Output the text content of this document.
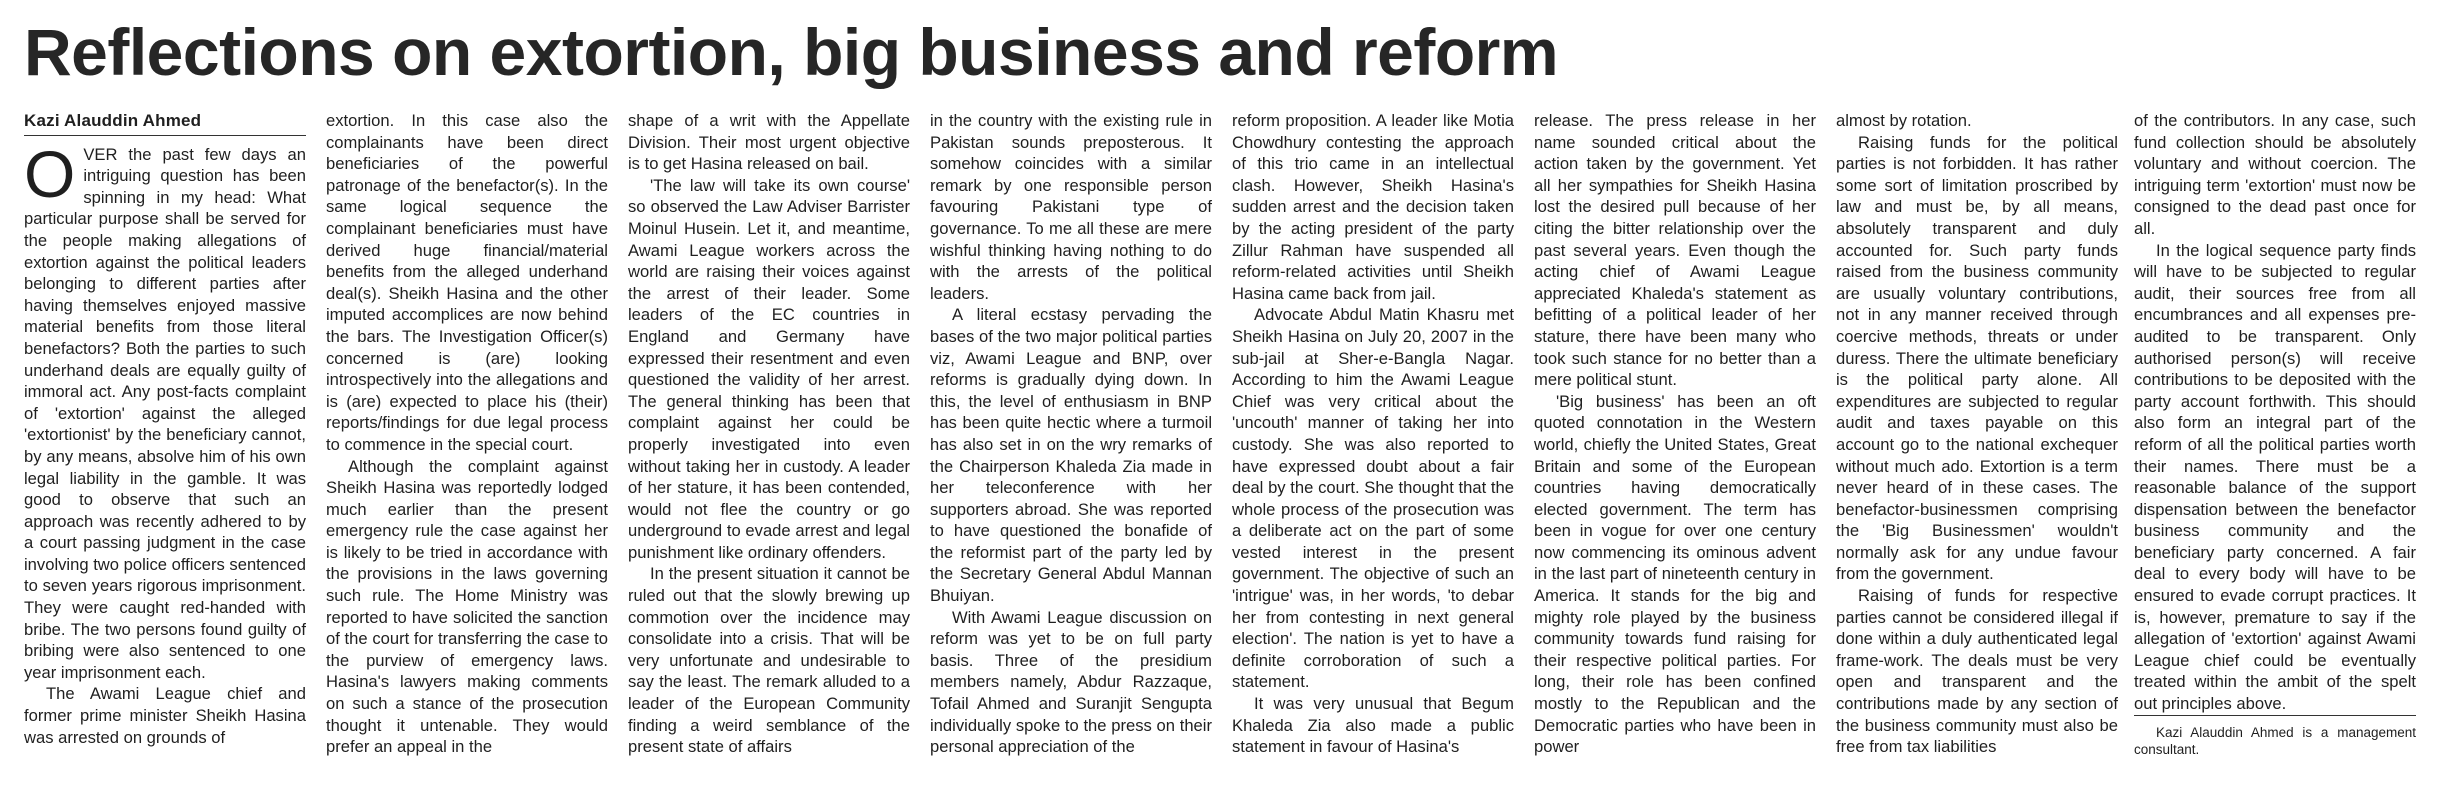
Reflections on extortion, big business and reform
Kazi Alauddin Ahmed

OVER the past few days an intriguing question has been spinning in my head: What particular purpose shall be served for the people making allegations of extortion against the political leaders belonging to different parties after having themselves enjoyed massive material benefits from those literal benefactors? Both the parties to such underhand deals are equally guilty of immoral act. Any post-facts complaint of 'extortion' against the alleged 'extortionist' by the beneficiary cannot, by any means, absolve him of his own legal liability in the gamble. It was good to observe that such an approach was recently adhered to by a court passing judgment in the case involving two police officers sentenced to seven years rigorous imprisonment. They were caught red-handed with bribe. The two persons found guilty of bribing were also sentenced to one year imprisonment each.

The Awami League chief and former prime minister Sheikh Hasina was arrested on grounds of

extortion. In this case also the complainants have been direct beneficiaries of the powerful patronage of the benefactor(s). In the same logical sequence the complainant beneficiaries must have derived huge financial/material benefits from the alleged underhand deal(s). Sheikh Hasina and the other imputed accomplices are now behind the bars. The Investigation Officer(s) concerned is (are) looking introspectively into the allegations and is (are) expected to place his (their) reports/findings for due legal process to commence in the special court.

Although the complaint against Sheikh Hasina was reportedly lodged much earlier than the present emergency rule the case against her is likely to be tried in accordance with the provisions in the laws governing such rule. The Home Ministry was reported to have solicited the sanction of the court for transferring the case to the purview of emergency laws. Hasina's lawyers making comments on such a stance of the prosecution thought it untenable. They would prefer an appeal in the

shape of a writ with the Appellate Division. Their most urgent objective is to get Hasina released on bail.

'The law will take its own course' so observed the Law Adviser Barrister Moinul Husein. Let it, and meantime, Awami League workers across the world are raising their voices against the arrest of their leader. Some leaders of the EC countries in England and Germany have expressed their resentment and even questioned the validity of her arrest. The general thinking has been that complaint against her could be properly investigated into even without taking her in custody. A leader of her stature, it has been contended, would not flee the country or go underground to evade arrest and legal punishment like ordinary offenders.

In the present situation it cannot be ruled out that the slowly brewing up commotion over the incidence may consolidate into a crisis. That will be very unfortunate and undesirable to say the least. The remark alluded to a leader of the European Community finding a weird semblance of the present state of affairs

in the country with the existing rule in Pakistan sounds preposterous. It somehow coincides with a similar remark by one responsible person favouring Pakistani type of governance. To me all these are mere wishful thinking having nothing to do with the arrests of the political leaders.

A literal ecstasy pervading the bases of the two major political parties viz, Awami League and BNP, over reforms is gradually dying down. In this, the level of enthusiasm in BNP has been quite hectic where a turmoil has also set in on the wry remarks of the Chairperson Khaleda Zia made in her teleconference with her supporters abroad. She was reported to have questioned the bonafide of the reformist part of the party led by the Secretary General Abdul Mannan Bhuiyan.

With Awami League discussion on reform was yet to be on full party basis. Three of the presidium members namely, Abdur Razzaque, Tofail Ahmed and Suranjit Sengupta individually spoke to the press on their personal appreciation of the

reform proposition. A leader like Motia Chowdhury contesting the approach of this trio came in an intellectual clash. However, Sheikh Hasina's sudden arrest and the decision taken by the acting president of the party Zillur Rahman have suspended all reform-related activities until Sheikh Hasina came back from jail.

Advocate Abdul Matin Khasru met Sheikh Hasina on July 20, 2007 in the sub-jail at Sher-e-Bangla Nagar. According to him the Awami League Chief was very critical about the 'uncouth' manner of taking her into custody. She was also reported to have expressed doubt about a fair deal by the court. She thought that the whole process of the prosecution was a deliberate act on the part of some vested interest in the present government. The objective of such an 'intrigue' was, in her words, 'to debar her from contesting in next general election'. The nation is yet to have a definite corroboration of such a statement.

It was very unusual that Begum Khaleda Zia also made a public statement in favour of Hasina's

release. The press release in her name sounded critical about the action taken by the government. Yet all her sympathies for Sheikh Hasina lost the desired pull because of her citing the bitter relationship over the past several years. Even though the acting chief of Awami League appreciated Khaleda's statement as befitting of a political leader of her stature, there have been many who took such stance for no better than a mere political stunt.

'Big business' has been an oft quoted connotation in the Western world, chiefly the United States, Great Britain and some of the European countries having democratically elected government. The term has been in vogue for over one century now commencing its ominous advent in the last part of nineteenth century in America. It stands for the big and mighty role played by the business community towards fund raising for their respective political parties. For long, their role has been confined mostly to the Republican and the Democratic parties who have been in power

almost by rotation.

Raising funds for the political parties is not forbidden. It has rather some sort of limitation proscribed by law and must be, by all means, absolutely transparent and duly accounted for. Such party funds raised from the business community are usually voluntary contributions, not in any manner received through coercive methods, threats or under duress. There the ultimate beneficiary is the political party alone. All expenditures are subjected to regular audit and taxes payable on this account go to the national exchequer without much ado. Extortion is a term never heard of in these cases. The benefactor-businessmen comprising the 'Big Businessmen' wouldn't normally ask for any undue favour from the government.

Raising of funds for respective parties cannot be considered illegal if done within a duly authenticated legal frame-work. The deals must be very open and transparent and the contributions made by any section of the business community must also be free from tax liabilities

of the contributors. In any case, such fund collection should be absolutely voluntary and without coercion. The intriguing term 'extortion' must now be consigned to the dead past once for all.

In the logical sequence party finds will have to be subjected to regular audit, their sources free from all encumbrances and all expenses pre-audited to be transparent. Only authorised person(s) will receive contributions to be deposited with the party account forthwith. This should also form an integral part of the reform of all the political parties worth their names. There must be a reasonable balance of the support dispensation between the benefactor business community and the beneficiary party concerned. A fair deal to every body will have to be ensured to evade corrupt practices. It is, however, premature to say if the allegation of 'extortion' against Awami League chief could be eventually treated within the ambit of the spelt out principles above.

Kazi Alauddin Ahmed is a management consultant.
